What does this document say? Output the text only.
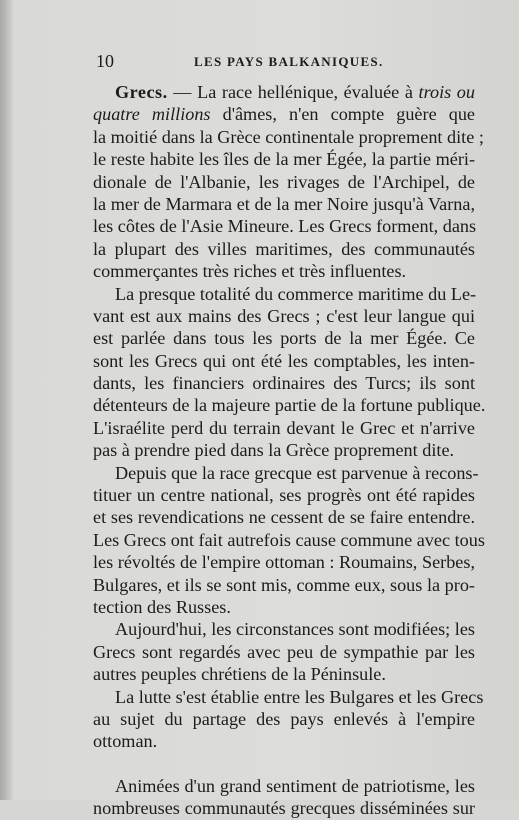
10	LES PAYS BALKANIQUES.
Grecs. — La race hellénique, évaluée à trois ou
quatre millions d'âmes, n'en compte guère que
la moitié dans la Grèce continentale proprement dite ;
le reste habite les îles de la mer Égée, la partie méri-
dionale de l'Albanie, les rivages de l'Archipel, de
la mer de Marmara et de la mer Noire jusqu'à Varna,
les côtes de l'Asie Mineure. Les Grecs forment, dans
la plupart des villes maritimes, des communautés
commerçantes très riches et très influentes.
La presque totalité du commerce maritime du Le-
vant est aux mains des Grecs ; c'est leur langue qui
est parlée dans tous les ports de la mer Égée. Ce
sont les Grecs qui ont été les comptables, les inten-
dants, les financiers ordinaires des Turcs; ils sont
détenteurs de la majeure partie de la fortune publique.
L'israélite perd du terrain devant le Grec et n'arrive
pas à prendre pied dans la Grèce proprement dite.
Depuis que la race grecque est parvenue à recons-
tituer un centre national, ses progrès ont été rapides
et ses revendications ne cessent de se faire entendre.
Les Grecs ont fait autrefois cause commune avec tous
les révoltés de l'empire ottoman : Roumains, Serbes,
Bulgares, et ils se sont mis, comme eux, sous la pro-
tection des Russes.
Aujourd'hui, les circonstances sont modifiées; les
Grecs sont regardés avec peu de sympathie par les
autres peuples chrétiens de la Péninsule.
La lutte s'est établie entre les Bulgares et les Grecs
au sujet du partage des pays enlevés à l'empire
ottoman.
Animées d'un grand sentiment de patriotisme, les
nombreuses communautés grecques disséminées sur
